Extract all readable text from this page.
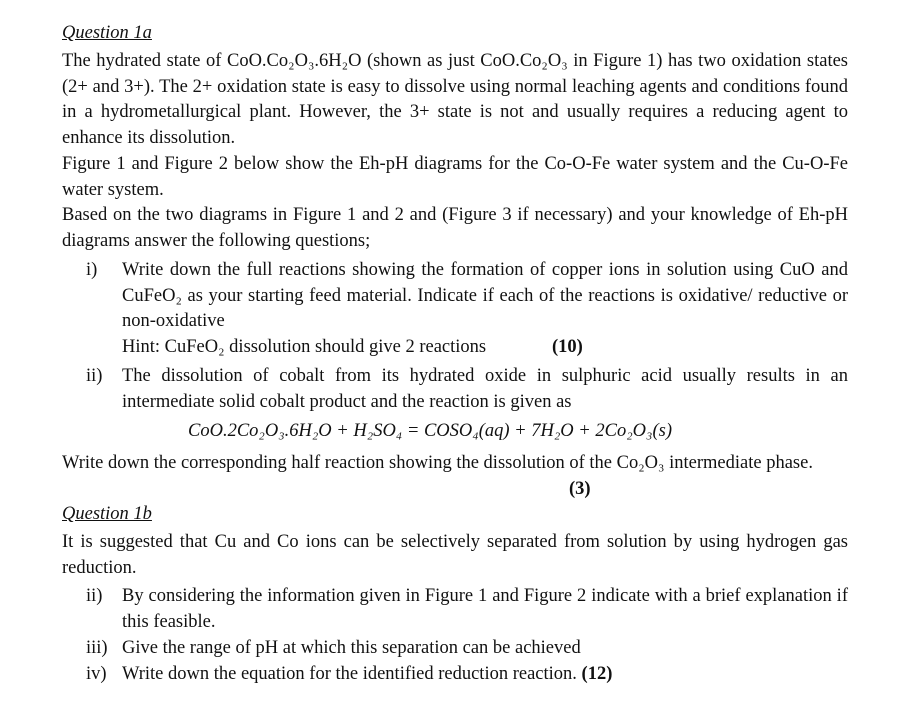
Question 1a

The hydrated state of CoO.Co₂O₃.6H₂O (shown as just CoO.Co₂O₃ in Figure 1) has two oxidation states (2+ and 3+). The 2+ oxidation state is easy to dissolve using normal leaching agents and conditions found in a hydrometallurgical plant. However, the 3+ state is not and usually requires a reducing agent to enhance its dissolution.

Figure 1 and Figure 2 below show the Eh-pH diagrams for the Co-O-Fe water system and the Cu-O-Fe water system.

Based on the two diagrams in Figure 1 and 2 and (Figure 3 if necessary) and your knowledge of Eh-pH diagrams answer the following questions;

i) Write down the full reactions showing the formation of copper ions in solution using CuO and CuFeO₂ as your starting feed material. Indicate if each of the reactions is oxidative/ reductive or non-oxidative

Hint: CuFeO₂ dissolution should give 2 reactions	(10)
ii) The dissolution of cobalt from its hydrated oxide in sulphuric acid usually results in an intermediate solid cobalt product and the reaction is given as

CoO.2Co₂O₃.6H₂O + H₂SO₄ = COSO₄(aq) + 7H₂O + 2Co₂O₃(s)

Write down the corresponding half reaction showing the dissolution of the Co₂O₃ intermediate phase.

(3)
Question 1b

It is suggested that Cu and Co ions can be selectively separated from solution by using hydrogen gas reduction.

ii) By considering the information given in Figure 1 and Figure 2 indicate with a brief explanation if this feasible.

iii) Give the range of pH at which this separation can be achieved

iv) Write down the equation for the identified reduction reaction. (12)
